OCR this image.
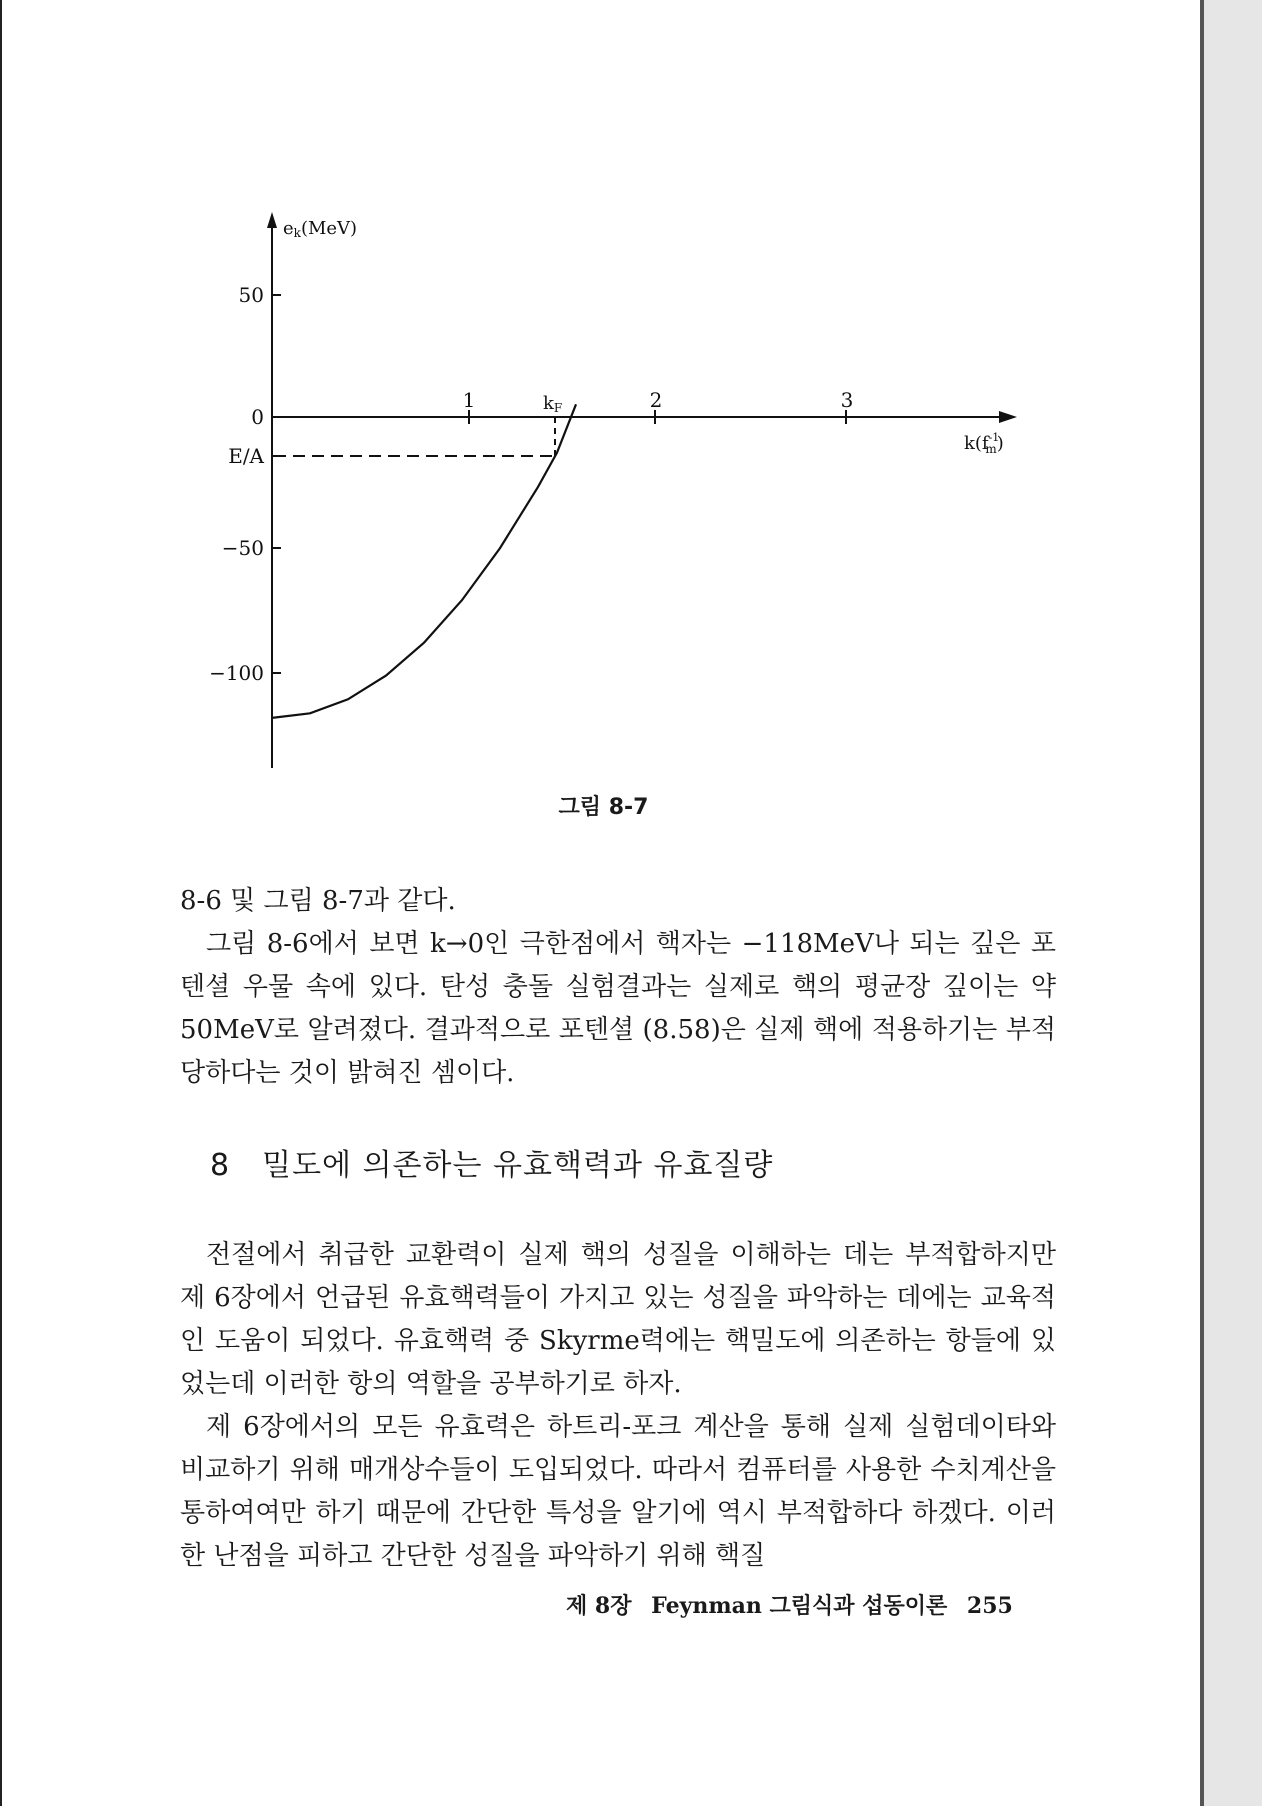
50
0
−50
−100
E/A
1	2	3
ek(MeV)
$k(f^{-1}$ m)
kF
그림 8-7

8-6 및 그림 8-7과 같다.

그림 8-6에서 보면 k→0인 극한점에서 핵자는 −118MeV나 되는 깊은 포텐셜 우물 속에 있다. 탄성 충돌 실험결과는 실제로 핵의 평균장 깊이는 약 50MeV로 알려졌다. 결과적으로 포텐셜 (8.58)은 실제 핵에 적용하기는 부적당하다는 것이 밝혀진 셈이다.

8 밀도에 의존하는 유효핵력과 유효질량

전절에서 취급한 교환력이 실제 핵의 성질을 이해하는 데는 부적합하지만 제 6장에서 언급된 유효핵력들이 가지고 있는 성질을 파악하는 데에는 교육적인 도움이 되었다. 유효핵력 중 Skyrme력에는 핵밀도에 의존하는 항들에 있었는데 이러한 항의 역할을 공부하기로 하자.

제 6장에서의 모든 유효력은 하트리-포크 계산을 통해 실제 실험데이타와 비교하기 위해 매개상수들이 도입되었다. 따라서 컴퓨터를 사용한 수치계산을 통하여여만 하기 때문에 간단한 특성을 알기에 역시 부적합하다 하겠다. 이러한 난점을 피하고 간단한 성질을 파악하기 위해 핵질

제 8장 Feynman 그림식과 섭동이론 255
